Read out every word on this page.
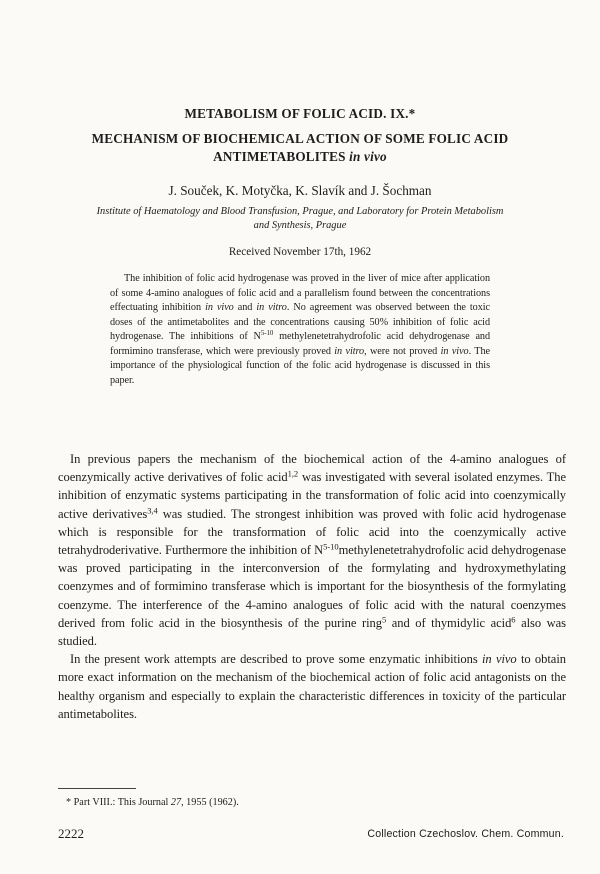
METABOLISM OF FOLIC ACID. IX.*
MECHANISM OF BIOCHEMICAL ACTION OF SOME FOLIC ACID
ANTIMETABOLITES in vivo

J. Souček, K. Motyčka, K. Slavík and J. Šochman

Institute of Haematology and Blood Transfusion, Prague, and Laboratory for Protein Metabolism
and Synthesis, Prague

Received November 17th, 1962

The inhibition of folic acid hydrogenase was proved in the liver of mice after application of some 4-amino analogues of folic acid and a parallelism found between the concentrations effectuating inhibition in vivo and in vitro. No agreement was observed between the toxic doses of the antimetabolites and the concentrations causing 50% inhibition of folic acid hydrogenase. The inhibitions of $N^{5-10}$ methylenetetrahydrofolic acid dehydrogenase and formimino transferase, which were previously proved in vitro, were not proved in vivo. The importance of the physiological function of the folic acid hydrogenase is discussed in this paper.

In previous papers the mechanism of the biochemical action of the 4-amino analogues of coenzymically active derivatives of folic acid$^{1,2}$ was investigated with several isolated enzymes. The inhibition of enzymatic systems participating in the transformation of folic acid into coenzymically active derivatives$^{3,4}$ was studied. The strongest inhibition was proved with folic acid hydrogenase which is responsible for the transformation of folic acid into the coenzymically active tetrahydroderivative. Furthermore the inhibition of $N^{5-10}methylenetetrahydrofolic$ acid dehydrogenase was proved participating in the interconversion of the formylating and hydroxymethylating coenzymes and of formimino transferase which is important for the biosynthesis of the formylating coenzyme. The interference of the 4-amino analogues of folic acid with the natural coenzymes derived from folic acid in the biosynthesis of the purine ring$^5$ and of thymidylic acid$^6$ also was studied.

In the present work attempts are described to prove some enzymatic inhibitions in vivo to obtain more exact information on the mechanism of the biochemical action of folic acid antagonists on the healthy organism and especially to explain the characteristic differences in toxicity of the particular antimetabolites.

* Part VIII.: This Journal 27, 1955 (1962).

2222	Collection Czechoslov. Chem. Commun.
